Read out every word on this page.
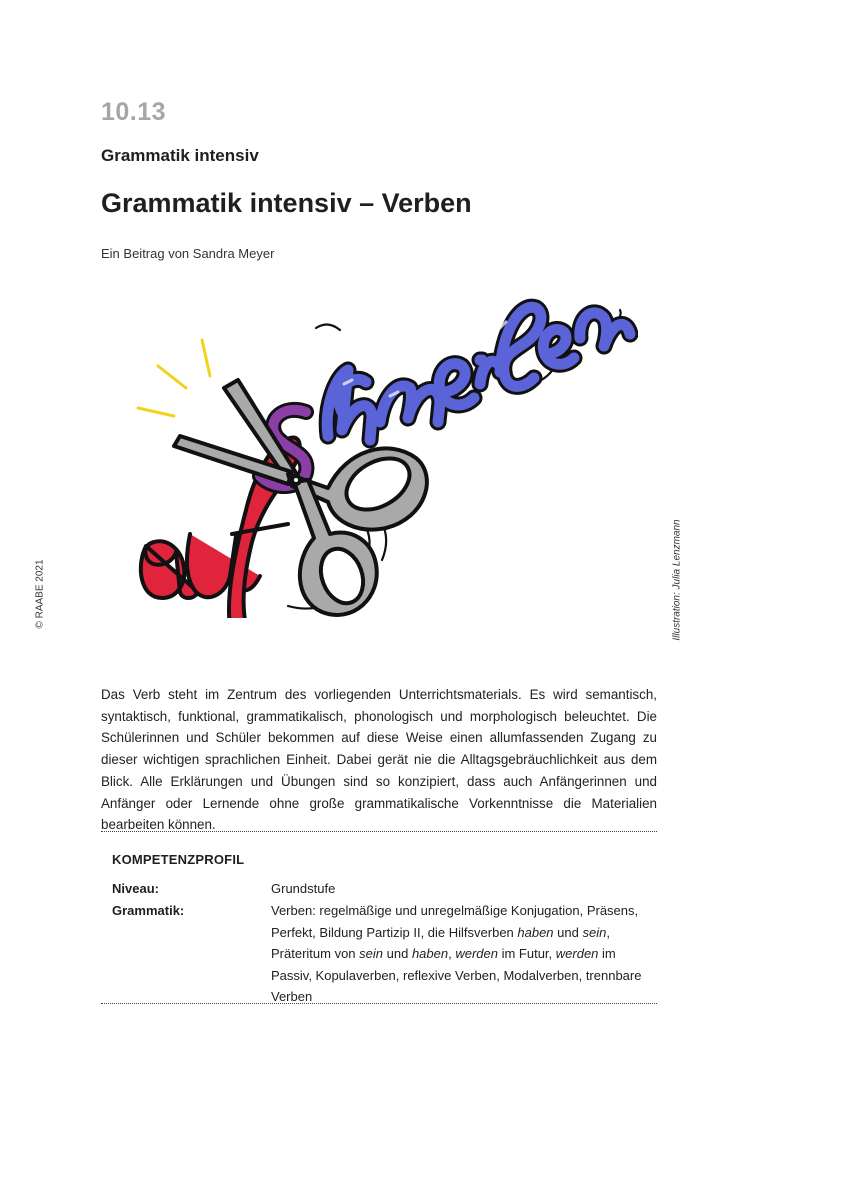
10.13
Grammatik intensiv
Grammatik intensiv – Verben
Ein Beitrag von Sandra Meyer
© RAABE 2021	Illustration: Julia Lenzmann
Das Verb steht im Zentrum des vorliegenden Unterrichtsmaterials. Es wird semantisch, syntaktisch, funktional, grammatikalisch, phonologisch und morphologisch beleuchtet. Die Schülerinnen und Schüler bekommen auf diese Weise einen allumfassenden Zugang zu dieser wichtigen sprachlichen Einheit. Dabei gerät nie die Alltagsgebräuchlichkeit aus dem Blick. Alle Erklärungen und Übungen sind so konzipiert, dass auch Anfängerinnen und Anfänger oder Lernende ohne große grammatikalische Vorkenntnisse die Materialien bearbeiten können.
KOMPETENZPROFIL
Niveau:	Grundstufe
Grammatik:	Verben: regelmäßige und unregelmäßige Konjugation, Präsens, Perfekt, Bildung Partizip II, die Hilfsverben haben und sein, Präteritum von sein und haben, werden im Futur, werden im Passiv, Kopulaverben, reflexive Verben, Modalverben, trennbare Verben
